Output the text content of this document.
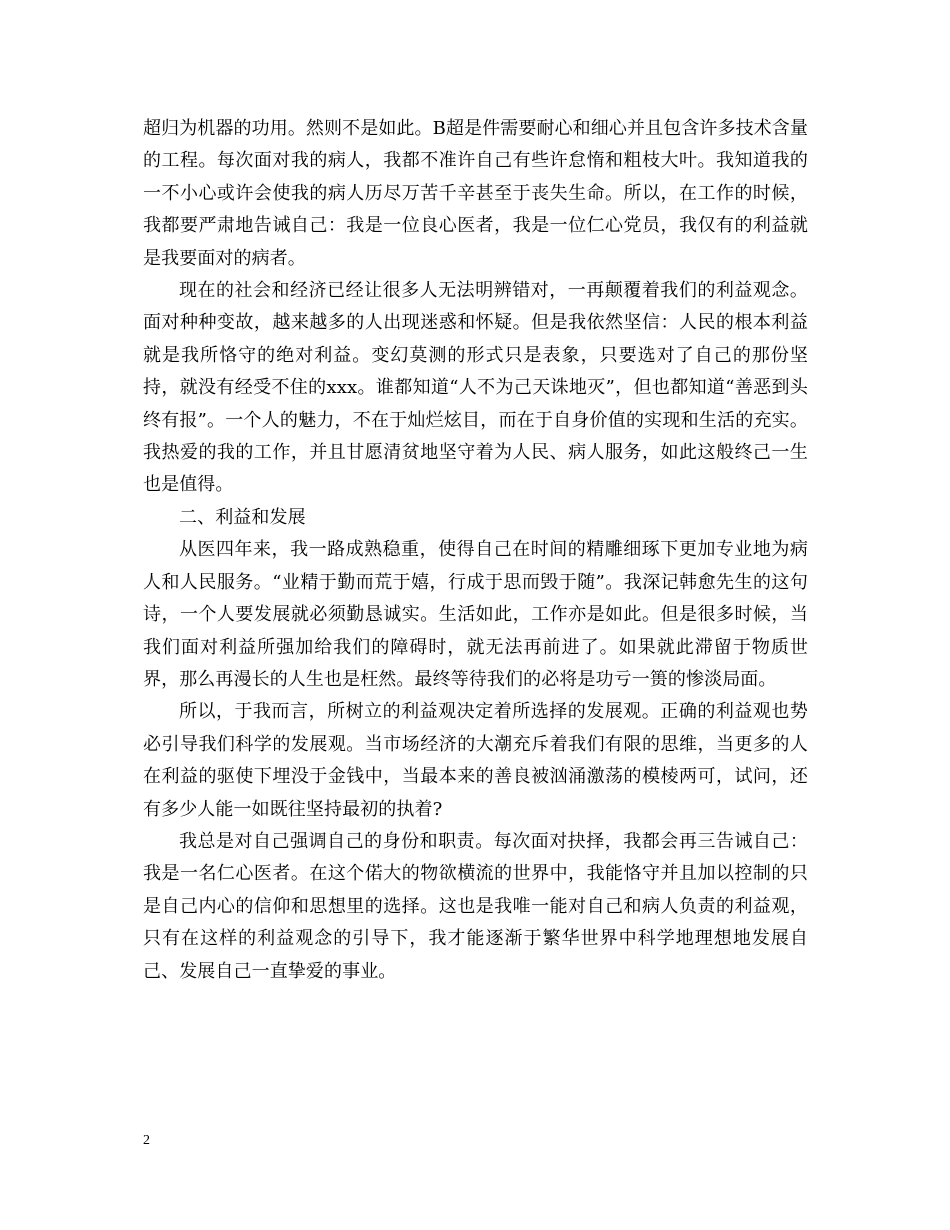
超归为机器的功用。然则不是如此。B超是件需要耐心和细心并且包含许多技术含量的工程。每次面对我的病人，我都不准许自己有些许怠惰和粗枝大叶。我知道我的一不小心或许会使我的病人历尽万苦千辛甚至于丧失生命。所以，在工作的时候，我都要严肃地告诫自己：我是一位良心医者，我是一位仁心党员，我仅有的利益就是我要面对的病者。

现在的社会和经济已经让很多人无法明辨错对，一再颠覆着我们的利益观念。面对种种变故，越来越多的人出现迷惑和怀疑。但是我依然坚信：人民的根本利益就是我所恪守的绝对利益。变幻莫测的形式只是表象，只要选对了自己的那份坚持，就没有经受不住的xxx。谁都知道“人不为己天诛地灭”，但也都知道“善恶到头终有报”。一个人的魅力，不在于灿烂炫目，而在于自身价值的实现和生活的充实。我热爱的我的工作，并且甘愿清贫地坚守着为人民、病人服务，如此这般终己一生也是值得。

二、利益和发展

从医四年来，我一路成熟稳重，使得自己在时间的精雕细琢下更加专业地为病人和人民服务。“业精于勤而荒于嬉，行成于思而毁于随”。我深记韩愈先生的这句诗，一个人要发展就必须勤恳诚实。生活如此，工作亦是如此。但是很多时候，当我们面对利益所强加给我们的障碍时，就无法再前进了。如果就此滞留于物质世界，那么再漫长的人生也是枉然。最终等待我们的必将是功亏一篑的惨淡局面。

所以，于我而言，所树立的利益观决定着所选择的发展观。正确的利益观也势必引导我们科学的发展观。当市场经济的大潮充斥着我们有限的思维，当更多的人在利益的驱使下埋没于金钱中，当最本来的善良被汹涌激荡的模棱两可，试问，还有多少人能一如既往坚持最初的执着?

我总是对自己强调自己的身份和职责。每次面对抉择，我都会再三告诫自己：我是一名仁心医者。在这个偌大的物欲横流的世界中，我能恪守并且加以控制的只是自己内心的信仰和思想里的选择。这也是我唯一能对自己和病人负责的利益观，只有在这样的利益观念的引导下，我才能逐渐于繁华世界中科学地理想地发展自己、发展自己一直挚爱的事业。

2
